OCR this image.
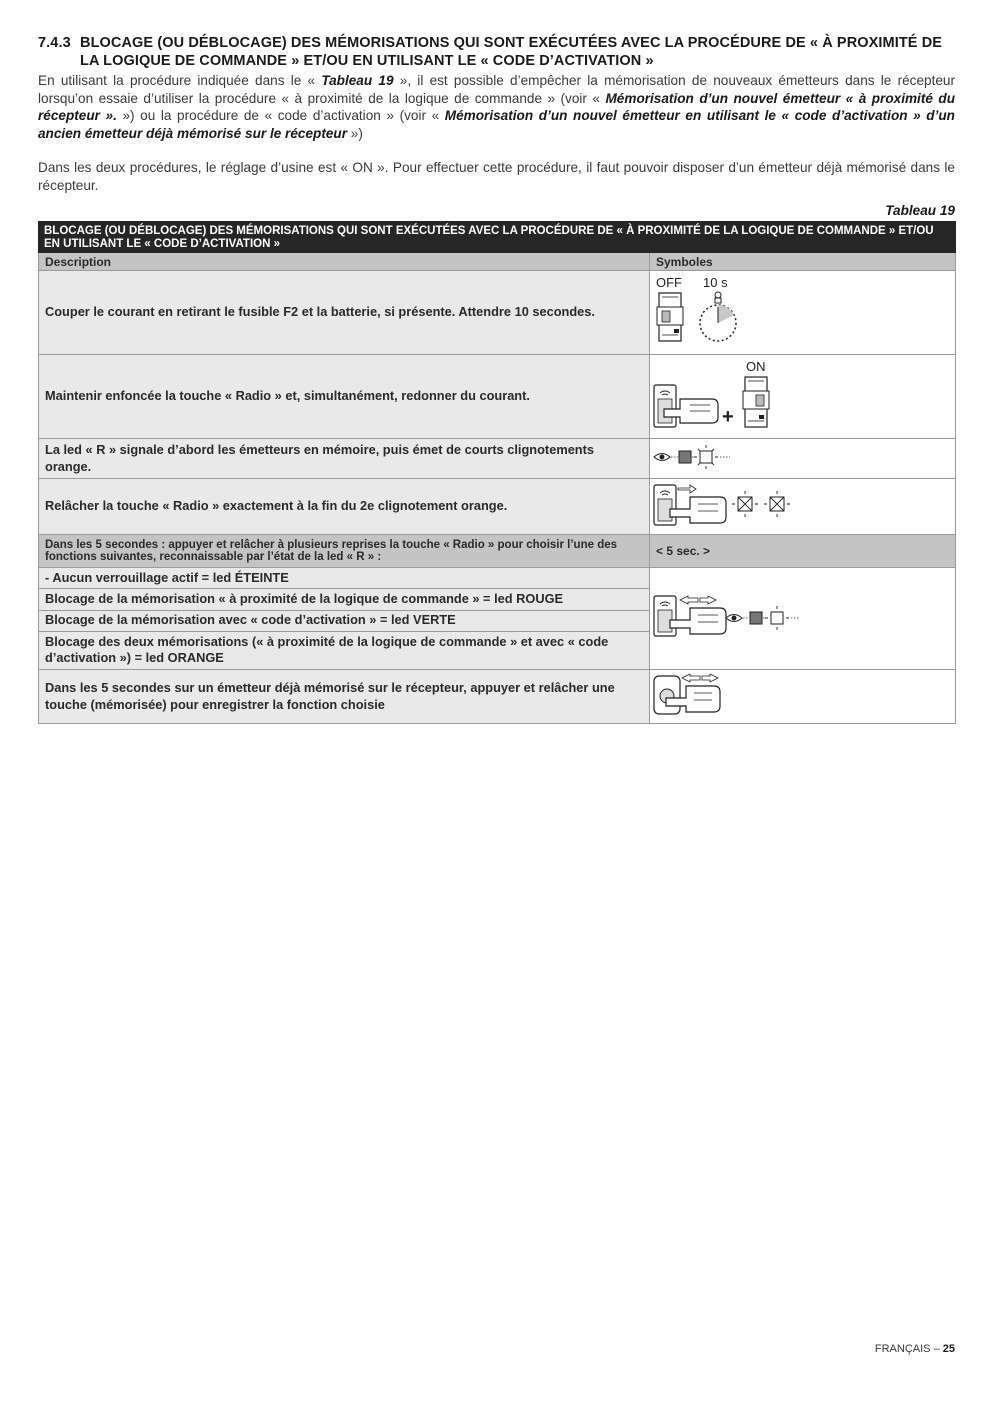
7.4.3 BLOCAGE (OU DÉBLOCAGE) DES MÉMORISATIONS QUI SONT EXÉCUTÉES AVEC LA PROCÉDURE DE « À PROXIMITÉ DE LA LOGIQUE DE COMMANDE » ET/OU EN UTILISANT LE « CODE D’ACTIVATION »

En utilisant la procédure indiquée dans le « Tableau 19 », il est possible d’empêcher la mémorisation de nouveaux émetteurs dans le récepteur lorsqu’on essaie d’utiliser la procédure « à proximité de la logique de commande » (voir « Mémorisation d’un nouvel émetteur « à proximité du récepteur ». ») ou la procédure de « code d’activation » (voir « Mémorisation d’un nouvel émetteur en utilisant le « code d’activation » d’un ancien émetteur déjà mémorisé sur le récepteur »)

Dans les deux procédures, le réglage d’usine est « ON ». Pour effectuer cette procédure, il faut pouvoir disposer d’un émetteur déjà mémorisé dans le récepteur.

Tableau 19
BLOCAGE (OU DÉBLOCAGE) DES MÉMORISATIONS QUI SONT EXÉCUTÉES AVEC LA PROCÉDURE DE « À PROXIMITÉ DE LA LOGIQUE DE COMMANDE » ET/OU EN UTILISANT LE « CODE D’ACTIVATION »	
Description	Symboles
Couper le courant en retirant le fusible F2 et la batterie, si présente. Attendre 10 secondes.	OFF 10 s

Maintenir enfoncée la touche « Radio » et, simultanément, redonner du courant.	ON
+

La led « R » signale d’abord les émetteurs en mémoire, puis émet de courts clignotements orange.	
Relâcher la touche « Radio » exactement à la fin du 2e clignotement orange.	
Dans les 5 secondes : appuyer et relâcher à plusieurs reprises la touche « Radio » pour choisir l’une des fonctions suivantes, reconnaissable par l’état de la led « R » :	< 5 sec. >
- Aucun verrouillage actif = led ÉTEINTE	
Blocage de la mémorisation « à proximité de la logique de commande » = led ROUGE	
Blocage de la mémorisation avec « code d’activation » = led VERTE	
Blocage des deux mémorisations (« à proximité de la logique de commande » et avec « code d’activation ») = led ORANGE	
Dans les 5 secondes sur un émetteur déjà mémorisé sur le récepteur, appuyer et relâcher une touche (mémorisée) pour enregistrer la fonction choisie	
FRANÇAIS – 25
